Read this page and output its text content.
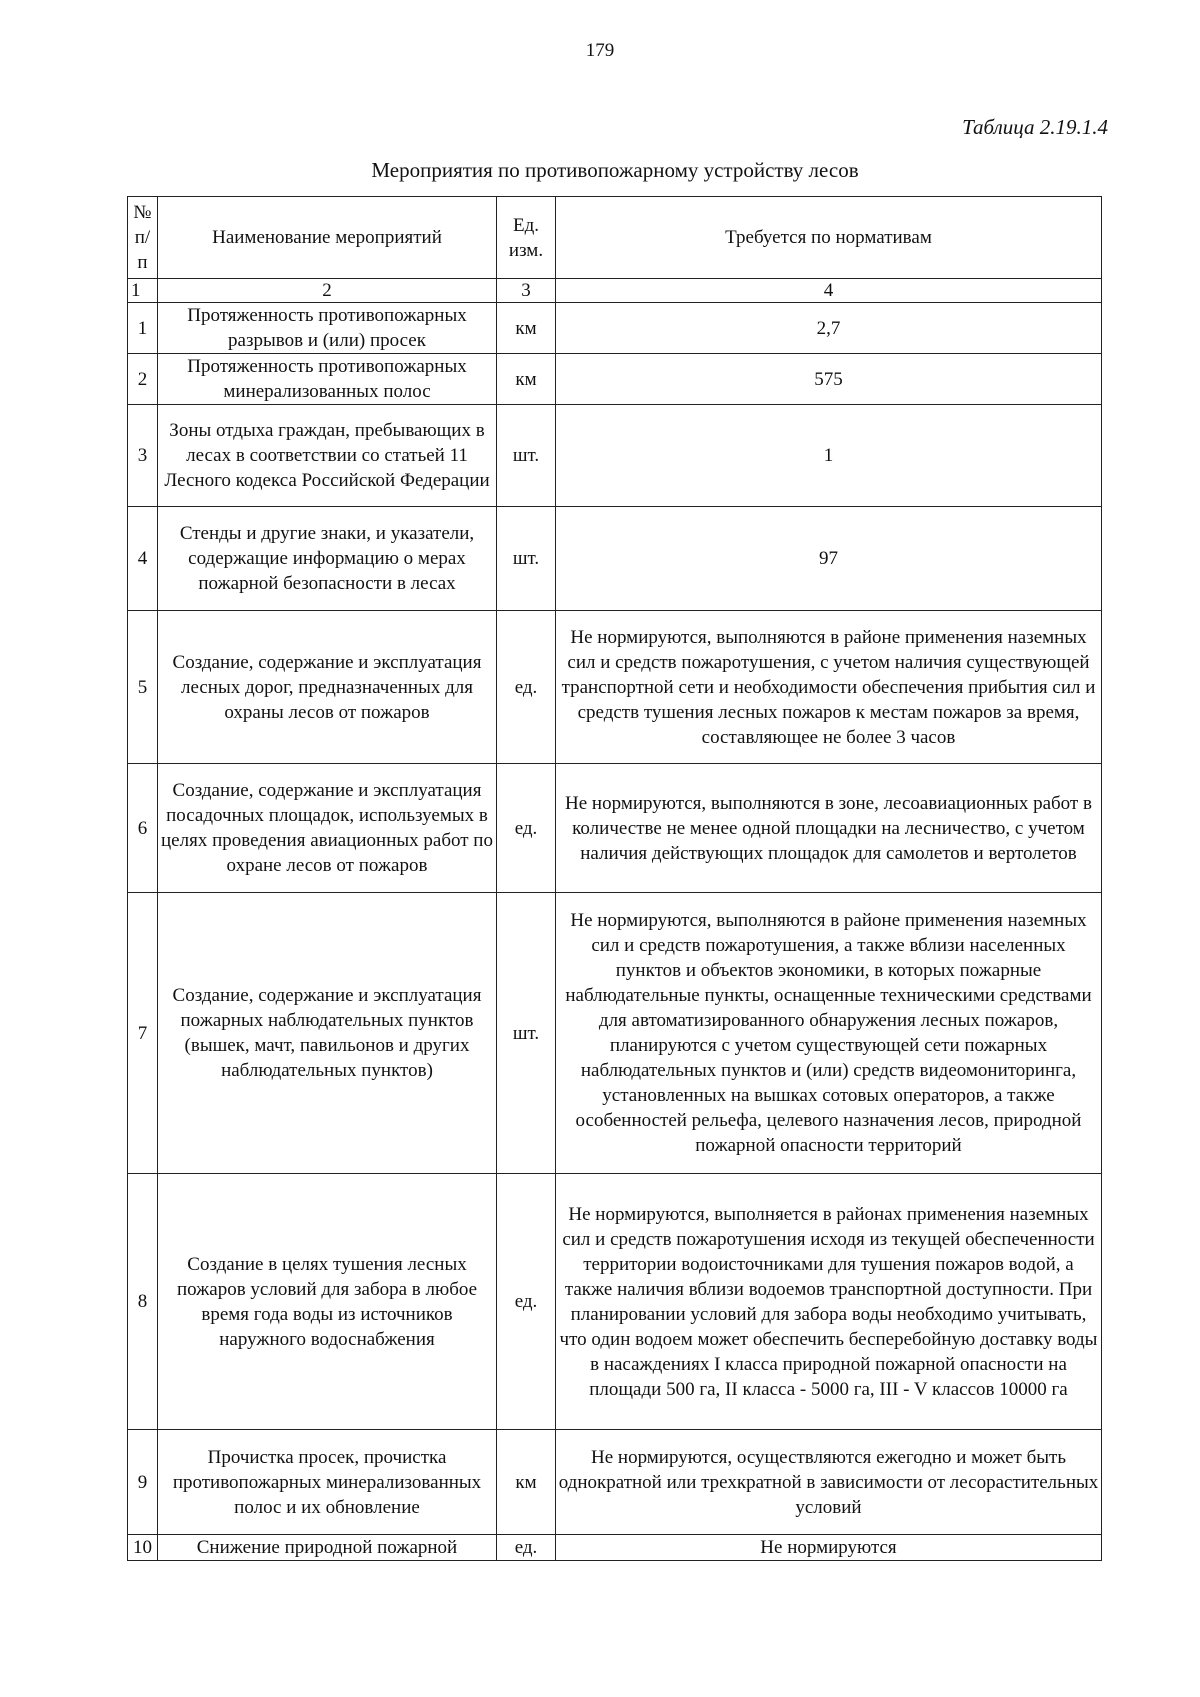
179
Таблица 2.19.1.4
Мероприятия по противопожарному устройству лесов
№ п/ п	Наименование мероприятий	Ед. изм.	Требуется по нормативам
1	2	3	4
1	Протяженность противопожарных разрывов и (или) просек	км	2,7
2	Протяженность противопожарных минерализованных полос	км	575
3	Зоны отдыха граждан, пребывающих в лесах в соответствии со статьей 11 Лесного кодекса Российской Федерации	шт.	1
4	Стенды и другие знаки, и указатели, содержащие информацию о мерах пожарной безопасности в лесах	шт.	97
5	Создание, содержание и эксплуатация лесных дорог, предназначенных для охраны лесов от пожаров	ед.	Не нормируются, выполняются в районе применения наземных сил и средств пожаротушения, с учетом наличия существующей транспортной сети и необходимости обеспечения прибытия сил и средств тушения лесных пожаров к местам пожаров за время, составляющее не более 3 часов
6	Создание, содержание и эксплуатация посадочных площадок, используемых в целях проведения авиационных работ по охране лесов от пожаров	ед.	Не нормируются, выполняются в зоне, лесоавиационных работ в количестве не менее одной площадки на лесничество, с учетом наличия действующих площадок для самолетов и вертолетов
7	Создание, содержание и эксплуатация пожарных наблюдательных пунктов (вышек, мачт, павильонов и других наблюдательных пунктов)	шт.	Не нормируются, выполняются в районе применения наземных сил и средств пожаротушения, а также вблизи населенных пунктов и объектов экономики, в которых пожарные наблюдательные пункты, оснащенные техническими средствами для автоматизированного обнаружения лесных пожаров, планируются с учетом существующей сети пожарных наблюдательных пунктов и (или) средств видеомониторинга, установленных на вышках сотовых операторов, а также особенностей рельефа, целевого назначения лесов, природной пожарной опасности территорий
8	Создание в целях тушения лесных пожаров условий для забора в любое время года воды из источников наружного водоснабжения	ед.	Не нормируются, выполняется в районах применения наземных сил и средств пожаротушения исходя из текущей обеспеченности территории водоисточниками для тушения пожаров водой, а также наличия вблизи водоемов транспортной доступности. При планировании условий для забора воды необходимо учитывать, что один водоем может обеспечить бесперебойную доставку воды в насаждениях I класса природной пожарной опасности на площади 500 га, II класса - 5000 га, III - V классов 10000 га
9	Прочистка просек, прочистка противопожарных минерализованных полос и их обновление	км	Не нормируются, осуществляются ежегодно и может быть однократной или трехкратной в зависимости от лесорастительных условий
10	Снижение природной пожарной	ед.	Не нормируются
